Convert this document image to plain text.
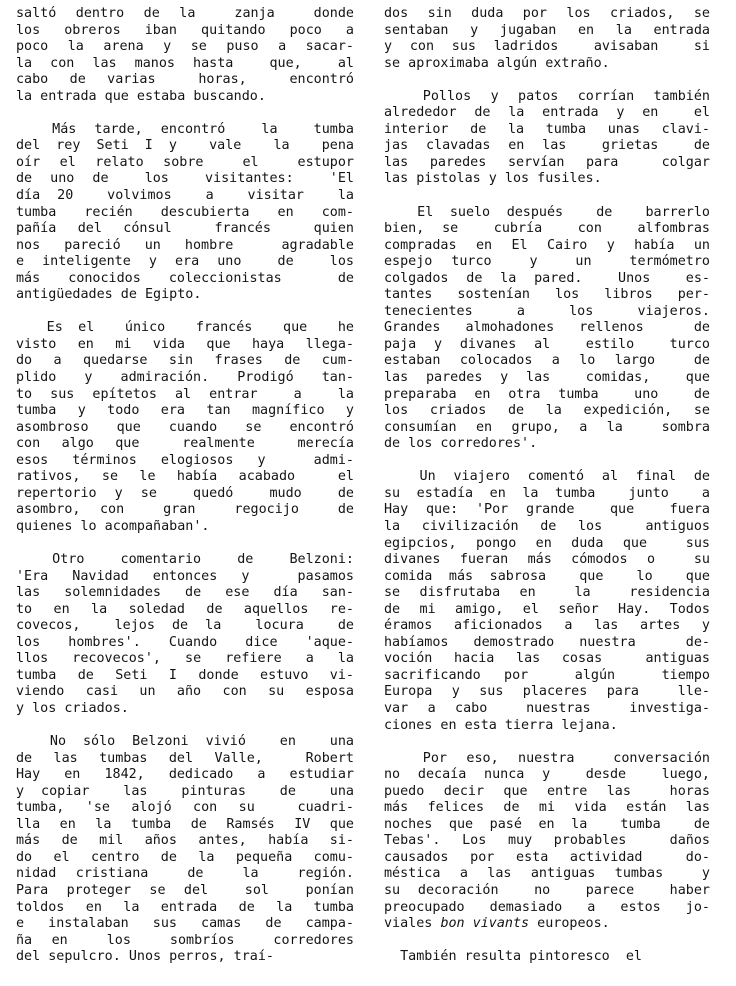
saltó dentro de la  zanja  donde
los obreros iban quitando poco a
poco la arena y se puso a sacar-
la con las manos hasta  que,  al
cabo de varias  horas,  encontró
la entrada que estaba buscando.
Más tarde, encontró  la  tumba
del rey Seti I y  vale  la  pena
oír el relato sobre  el  estupor
de uno de  los  visitantes:  'El
día 20  volvimos  a  visitar  la
tumba recién descubierta en com-
pañía del cónsul  francés  quien
nos pareció un hombre  agradable
e inteligente y era uno  de  los
más conocidos coleccionistas  de
antigüedades de Egipto.
Es el  único  francés  que  he
visto en mi vida que haya llega-
do a quedarse sin frases de cum-
plido y admiración. Prodigó tan-
to sus epítetos al entrar  a  la
tumba y todo era tan magnífico y
asombroso que cuando se encontró
con algo que  realmente  merecía
esos términos elogiosos y  admi-
rativos, se le había acabado  el
repertorio y se  quedó  mudo  de
asombro, con  gran  regocijo  de
quienes lo acompañaban'.
Otro  comentario  de  Belzoni:
'Era Navidad entonces y  pasamos
las solemnidades de ese día san-
to en la soledad de aquellos re-
covecos,  lejos de la  locura  de
los hombres'. Cuando dice 'aque-
llos recovecos', se refiere a la
tumba de Seti I donde estuvo vi-
viendo casi un año con su esposa
y los criados.
No sólo Belzoni vivió  en  una
de las tumbas del Valle,  Robert
Hay en 1842, dedicado a estudiar
y copiar  las  pinturas  de  una
tumba, 'se alojó con su  cuadri-
lla en la tumba de Ramsés IV que
más de mil años antes, había si-
do el centro de la pequeña comu-
nidad cristiana  de  la  región.
Para proteger se del  sol  ponían
toldos en la entrada de la tumba
e instalaban sus camas de campa-
ña en  los  sombríos  corredores
del sepulcro. Unos perros, traí-
dos sin duda por los criados, se
sentaban y jugaban en la entrada
y con sus ladridos  avisaban  si
se aproximaba algún extraño.
Pollos y patos corrían también
alrededor de la entrada y en  el
interior de la tumba unas clavi-
jas clavadas en las  grietas  de
las paredes servían para  colgar
las pistolas y los fusiles.
El suelo después  de  barrerlo
bien, se  cubría  con  alfombras
compradas en El Cairo y había un
espejo turco  y  un  termómetro
colgados de la pared.  Unos  es-
tantes sostenían los libros per-
tenecientes  a  los  viajeros.
Grandes almohadones rellenos  de
paja y divanes al  estilo  turco
estaban colocados a lo largo  de
las paredes y las  comidas,  que
preparaba en otra tumba  uno  de
los criados de la expedición, se
consumían en grupo, a la  sombra
de los corredores'.
Un viajero comentó al final de
su estadía en la tumba  junto  a
Hay que: 'Por grande  que  fuera
la civilización de los  antiguos
egipcios, pongo en duda que  sus
divanes fueran más cómodos o  su
comida más sabrosa  que  lo  que
se disfrutaba en  la  residencia
de mi amigo, el señor Hay. Todos
éramos aficionados a las artes y
habíamos demostrado nuestra  de-
voción hacia las cosas  antiguas
sacrificando por  algún  tiempo
Europa y sus placeres para  lle-
var a cabo  nuestras  investiga-
ciones en esta tierra lejana.
Por eso, nuestra  conversación
no decaía nunca y  desde  luego,
puedo decir que entre las  horas
más felices de mi vida están las
noches que pasé en la  tumba  de
Tebas'. Los muy probables  daños
causados por esta actividad  do-
méstica a las antiguas tumbas  y
su decoración  no  parece  haber
preocupado demasiado a estos jo-
viales bon vivants europeos.
También resulta pintoresco  el
